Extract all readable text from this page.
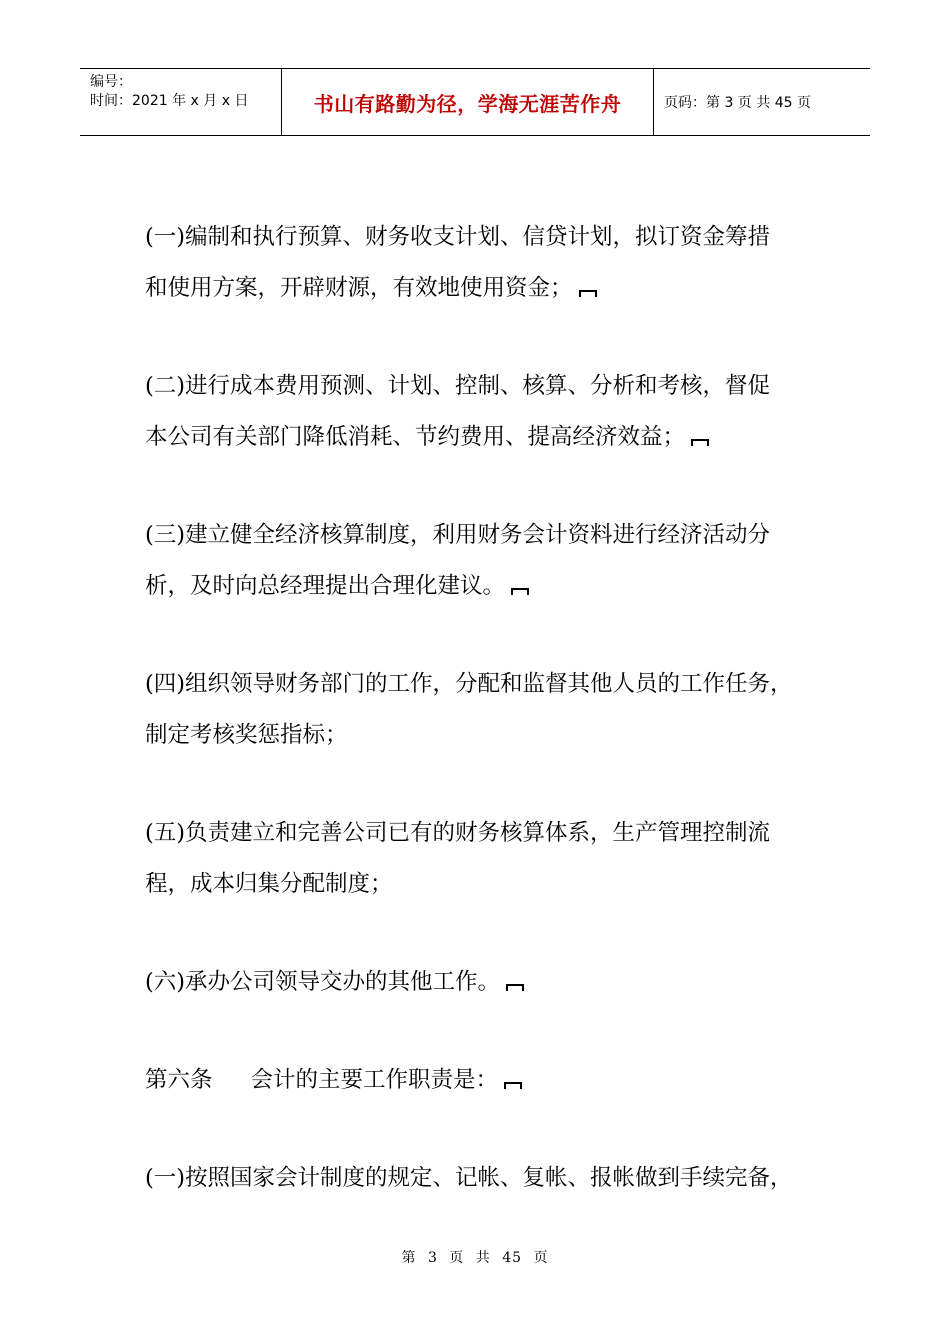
编号：
时间：2021 年 x 月 x 日	书山有路勤为径，学海无涯苦作舟	页码：第 3 页 共 45 页
(一)编制和执行预算、财务收支计划、信贷计划，拟订资金筹措
和使用方案，开辟财源，有效地使用资金；
(二)进行成本费用预测、计划、控制、核算、分析和考核，督促
本公司有关部门降低消耗、节约费用、提高经济效益；
(三)建立健全经济核算制度，利用财务会计资料进行经济活动分
析，及时向总经理提出合理化建议。
(四)组织领导财务部门的工作，分配和监督其他人员的工作任务，
制定考核奖惩指标；
(五)负责建立和完善公司已有的财务核算体系，生产管理控制流
程，成本归集分配制度；
(六)承办公司领导交办的其他工作。
第六条 会计的主要工作职责是：
(一)按照国家会计制度的规定、记帐、复帐、报帐做到手续完备，
第 3 页 共 45 页
